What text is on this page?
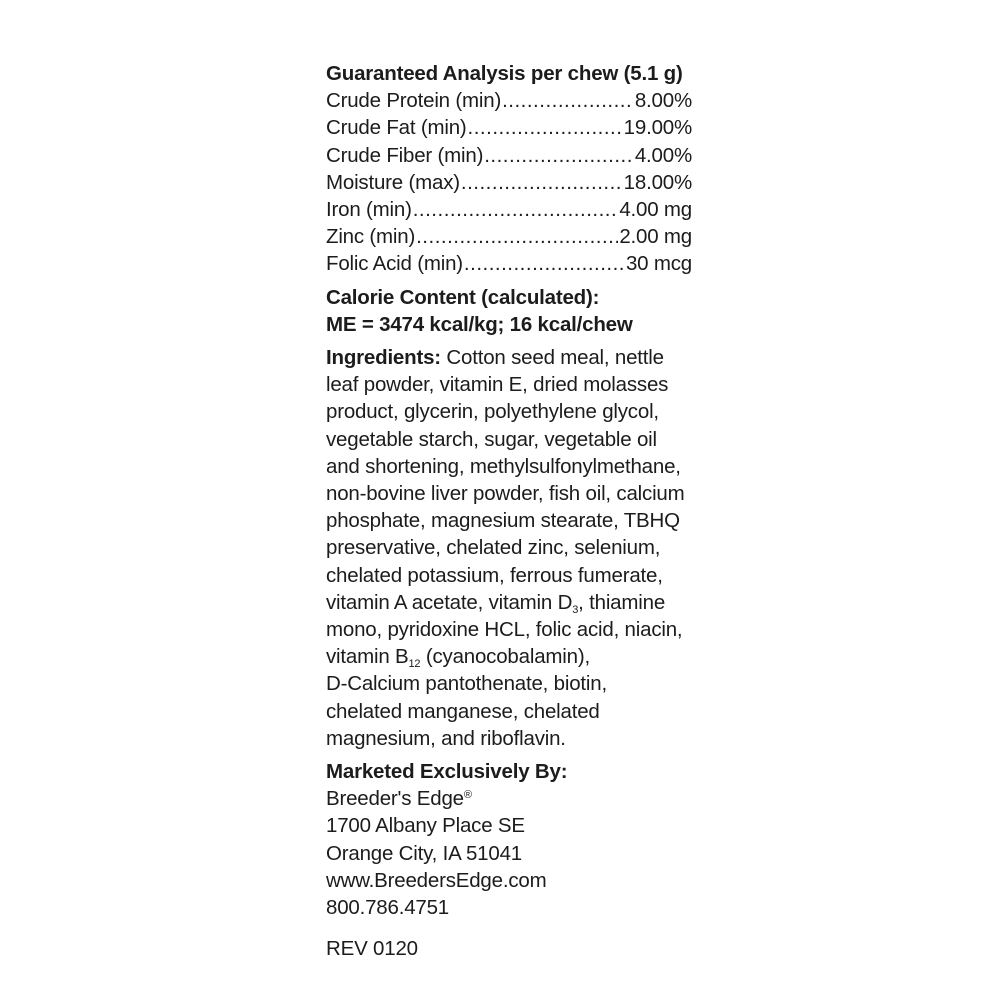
Guaranteed Analysis per chew (5.1 g)
Crude Protein (min) .....	8.00%
Crude Fat (min) .....	19.00%
Crude Fiber (min) .....	4.00%
Moisture (max) .....	18.00%
Iron (min) .....	4.00 mg
Zinc (min) .....	2.00 mg
Folic Acid (min) .....	30 mcg
Calorie Content (calculated):
ME = 3474 kcal/kg; 16 kcal/chew
Ingredients: Cotton seed meal, nettle
leaf powder, vitamin E, dried molasses
product, glycerin, polyethylene glycol,
vegetable starch, sugar, vegetable oil
and shortening, methylsulfonylmethane,
non-bovine liver powder, fish oil, calcium
phosphate, magnesium stearate, TBHQ
preservative, chelated zinc, selenium,
chelated potassium, ferrous fumerate,
vitamin A acetate, vitamin $D_3$, thiamine
mono, pyridoxine HCL, folic acid, niacin,
vitamin $B_{12}$ (cyanocobalamin),
D-Calcium pantothenate, biotin,
chelated manganese, chelated
magnesium, and riboflavin.
Marketed Exclusively By:
Breeder's Edge®
1700 Albany Place SE
Orange City, IA 51041
www.BreedersEdge.com
800.786.4751
REV 0120
